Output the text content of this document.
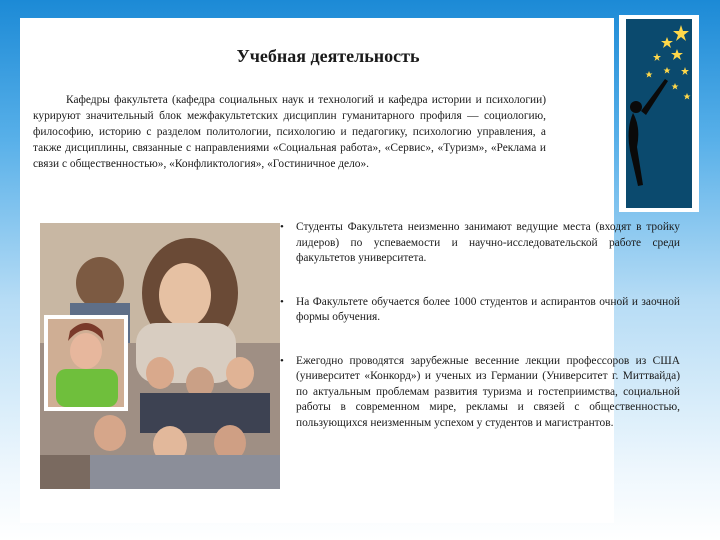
Учебная деятельность

Кафедры факультета (кафедра социальных наук и технологий и кафедра истории и психологии) курируют значительный блок межфакультетских дисциплин гуманитарного профиля — социологию, философию, историю с разделом политологии, психологию и педагогику, психологию управления, а также дисциплины, связанные с направлениями «Социальная работа», «Сервис», «Туризм», «Реклама и связи с общественностью», «Конфликтология», «Гостиничное дело».

• Студенты Факультета неизменно занимают ведущие места (входят в тройку лидеров) по успеваемости и научно-исследовательской работе среди факультетов университета.
• На Факультете обучается более 1000 студентов и аспирантов очной и заочной формы обучения.
• Ежегодно проводятся зарубежные весенние лекции профессоров из США (университет «Конкорд») и ученых из Германии (Университет г. Миттвайда) по актуальным проблемам развития туризма и гостеприимства, социальной работы в современном мире, рекламы и связей с общественностью, пользующихся неизменным успехом у студентов и магистрантов.
